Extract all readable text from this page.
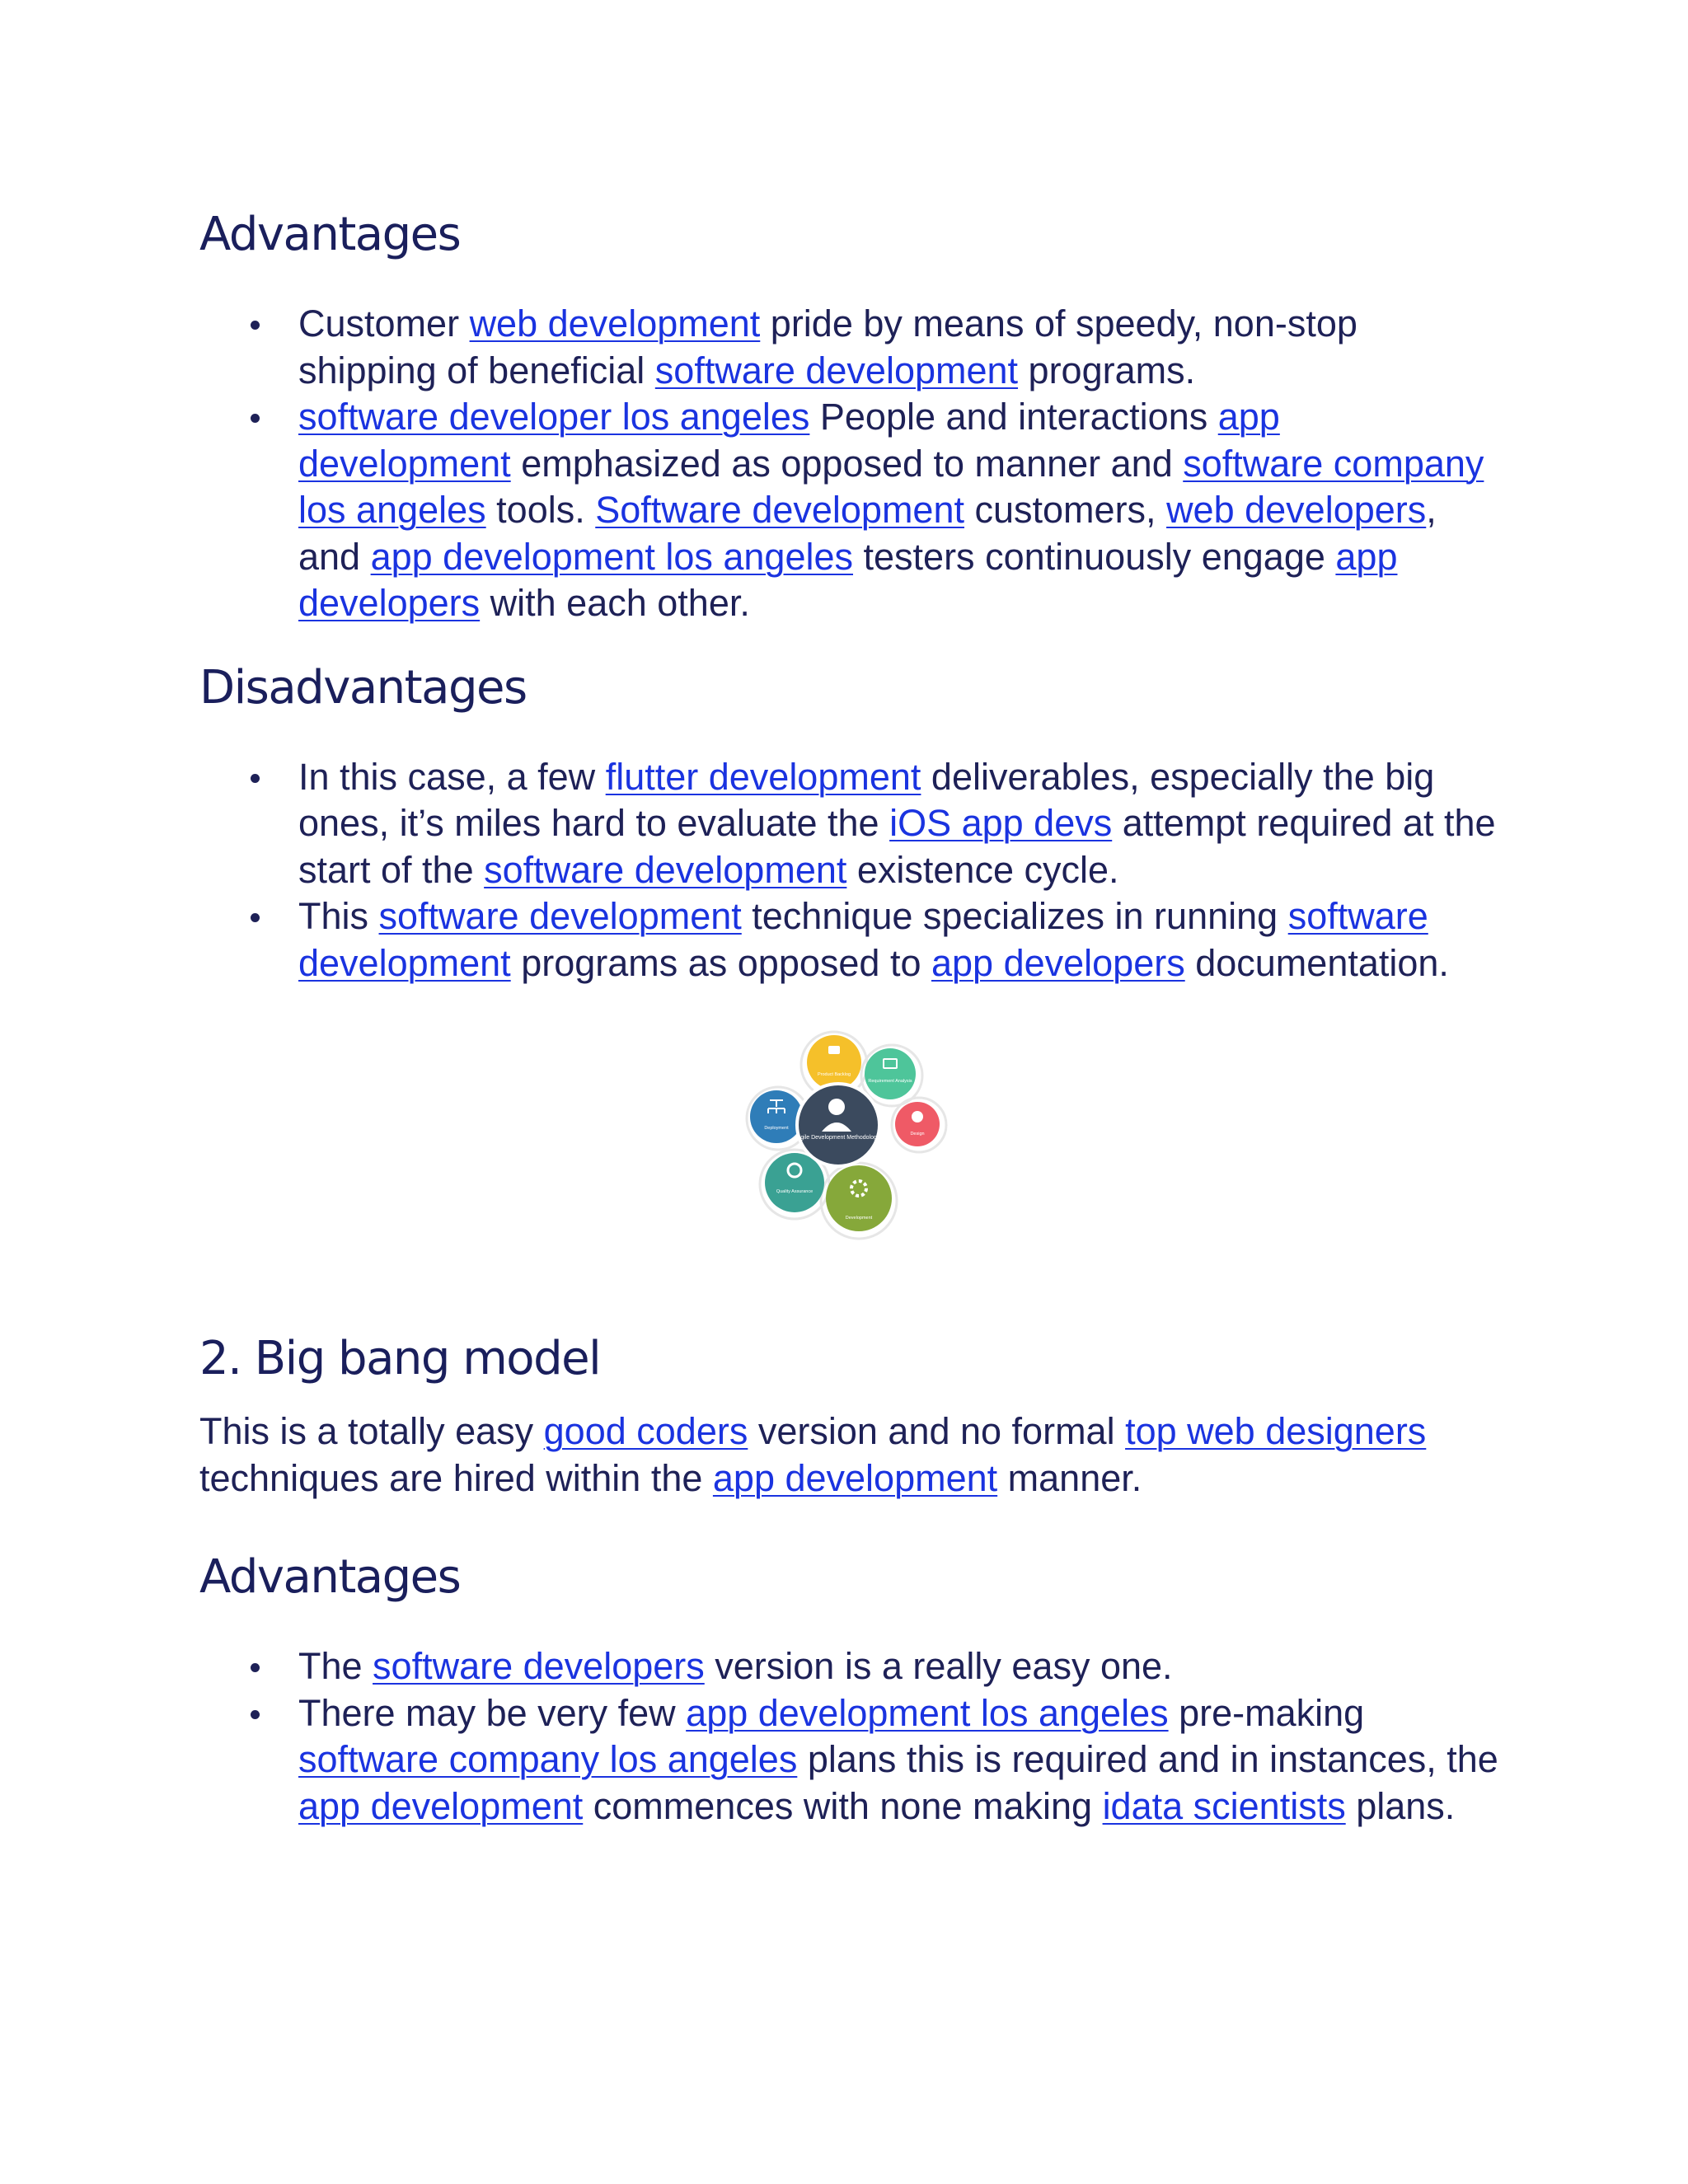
Advantages
Customer web development pride by means of speedy, non-stop shipping of beneficial software development programs.
software developer los angeles People and interactions app development emphasized as opposed to manner and software company los angeles tools. Software development customers, web developers, and app development los angeles testers continuously engage app developers with each other.
Disadvantages
In this case, a few flutter development deliverables, especially the big ones, it’s miles hard to evaluate the iOS app devs attempt required at the start of the software development existence cycle.
This software development technique specializes in running software development programs as opposed to app developers documentation.
Agile Development Methodology
Product Backlog
Requirement Analysis
Design
Development
Quality Assurance
Deployment
2. Big bang model

This is a totally easy good coders version and no formal top web designers techniques are hired within the app development manner.

Advantages
The software developers version is a really easy one.
There may be very few app development los angeles pre-making software company los angeles plans this is required and in instances, the app development commences with none making idata scientists plans.
